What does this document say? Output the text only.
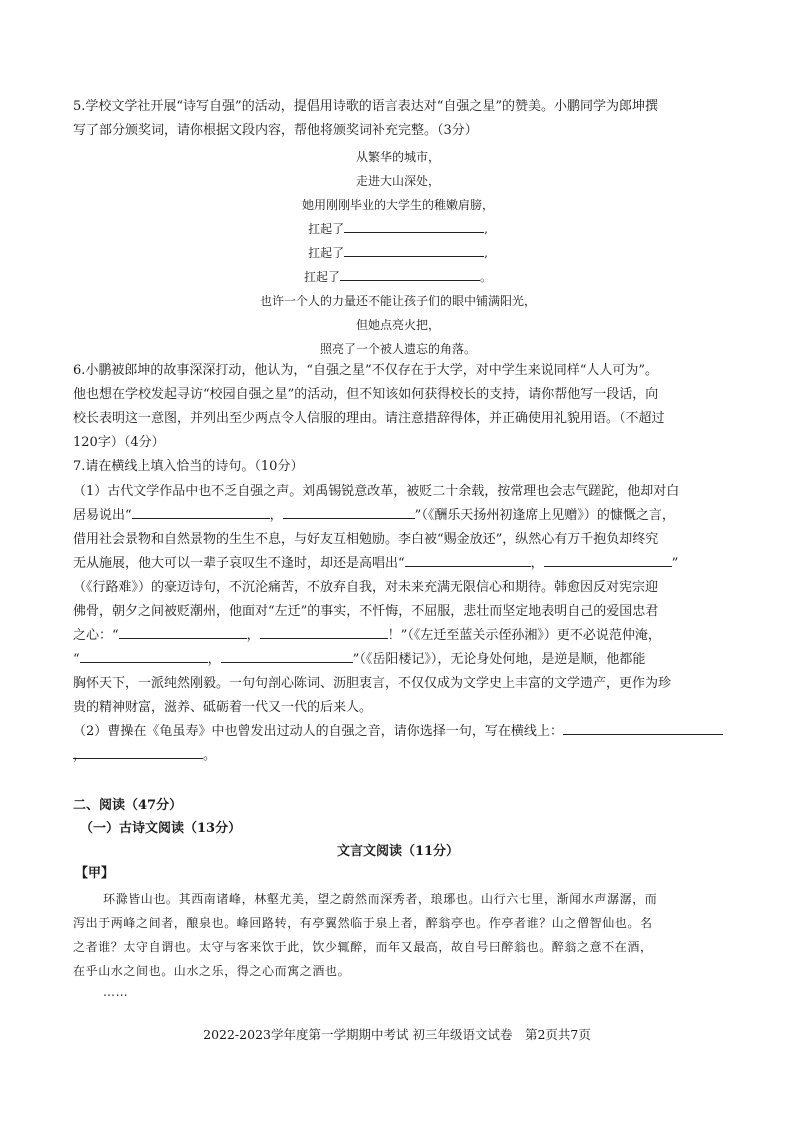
5.学校文学社开展“诗写自强”的活动，提倡用诗歌的语言表达对“自强之星”的赞美。小鹏同学为郎坤撰
写了部分颁奖词，请你根据文段内容，帮他将颁奖词补充完整。（3分）
从繁华的城市，
走进大山深处，
她用刚刚毕业的大学生的稚嫩肩膀，
扛起了	,
扛起了	,
扛起了	。
也许一个人的力量还不能让孩子们的眼中铺满阳光，
但她点亮火把，
照亮了一个被人遗忘的角落。
6.小鹏被郎坤的故事深深打动，他认为，“自强之星”不仅存在于大学，对中学生来说同样“人人可为”。
他也想在学校发起寻访“校园自强之星”的活动，但不知该如何获得校长的支持，请你帮他写一段话，向
校长表明这一意图，并列出至少两点令人信服的理由。请注意措辞得体，并正确使用礼貌用语。（不超过
120字）（4分）
7.请在横线上填入恰当的诗句。（10分）
（1）古代文学作品中也不乏自强之声。刘禹锡锐意改革，被贬二十余载，按常理也会志气蹉跎，他却对白
居易说出“	，	”（《酬乐天扬州初逢席上见赠》）的慷慨之言，
借用社会景物和自然景物的生生不息，与好友互相勉励。李白被“赐金放还”，纵然心有万千抱负却终究
无从施展，他大可以一辈子哀叹生不逢时，却还是高唱出“	，	”
（《行路难》）的豪迈诗句，不沉沦痛苦，不放弃自我，对未来充满无限信心和期待。韩愈因反对宪宗迎
佛骨，朝夕之间被贬潮州，他面对“左迁”的事实，不忏悔，不屈服，悲壮而坚定地表明自己的爱国忠君
之心：“	，	！”（《左迁至蓝关示侄孙湘》）更不必说范仲淹，
“	，	”（《岳阳楼记》），无论身处何地，是逆是顺，他都能
胸怀天下，一派纯然刚毅。一句句剖心陈词、沥胆衷言，不仅仅成为文学史上丰富的文学遗产，更作为珍
贵的精神财富，滋养、砥砺着一代又一代的后来人。
（2）曹操在《龟虽寿》中也曾发出过动人的自强之音，请你选择一句，写在横线上：，	。
二、阅读（47分）
（一）古诗文阅读（13分）
文言文阅读（11分）
【甲】
环滁皆山也。其西南诸峰，林壑尤美，望之蔚然而深秀者，琅琊也。山行六七里，渐闻水声潺潺，而
泻出于两峰之间者，酿泉也。峰回路转，有亭翼然临于泉上者，醉翁亭也。作亭者谁？山之僧智仙也。名
之者谁？太守自谓也。太守与客来饮于此，饮少辄醉，而年又最高，故自号曰醉翁也。醉翁之意不在酒，
在乎山水之间也。山水之乐，得之心而寓之酒也。
……
2022-2023学年度第一学期期中考试 初三年级语文试卷　第2页共7页
